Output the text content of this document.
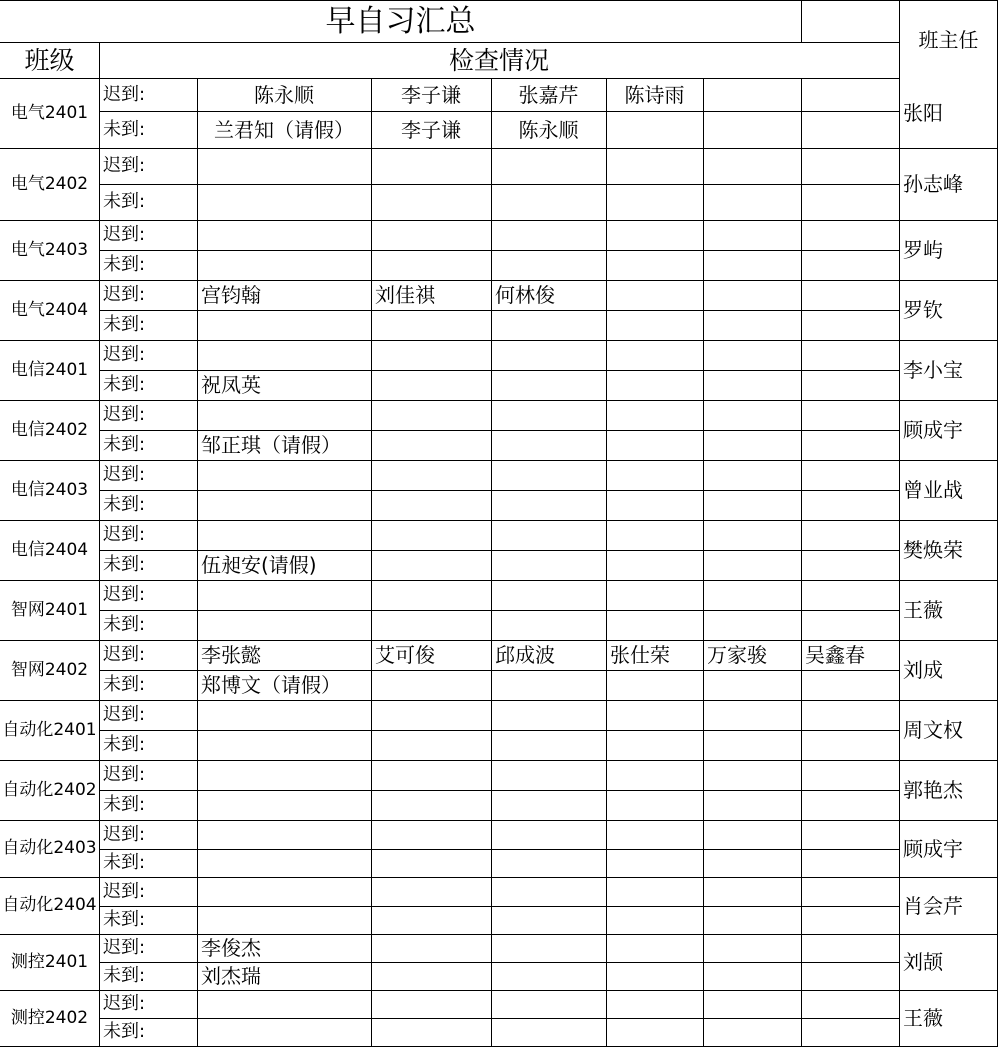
早自习汇总
班级	检查情况
班主任
电气2401	张阳
迟到:	陈永顺	李子谦	张嘉芹	陈诗雨
未到:	兰君知（请假）	李子谦	陈永顺
电气2402	孙志峰
迟到:
未到:
电气2403	罗屿
迟到:
未到:
电气2404	罗钦
迟到:	宫钧翰	刘佳祺	何林俊
未到:
电信2401	李小宝
迟到:
未到:	祝凤英
电信2402	顾成宇
迟到:
未到:	邹正琪（请假）
电信2403	曾业战
迟到:
未到:
电信2404	樊焕荣
迟到:
未到:	伍昶安(请假)
智网2401	王薇
迟到:
未到:
智网2402	刘成
迟到:	李张懿	艾可俊	邱成波	张仕荣	万家骏	吴鑫春
未到:	郑博文（请假）
自动化2401	周文权
迟到:
未到:
自动化2402	郭艳杰
迟到:
未到:
自动化2403	顾成宇
迟到:
未到:
自动化2404	肖会芹
迟到:
未到:
测控2401	刘颉
迟到:	李俊杰
未到:	刘杰瑞
测控2402	王薇
迟到:
未到:
